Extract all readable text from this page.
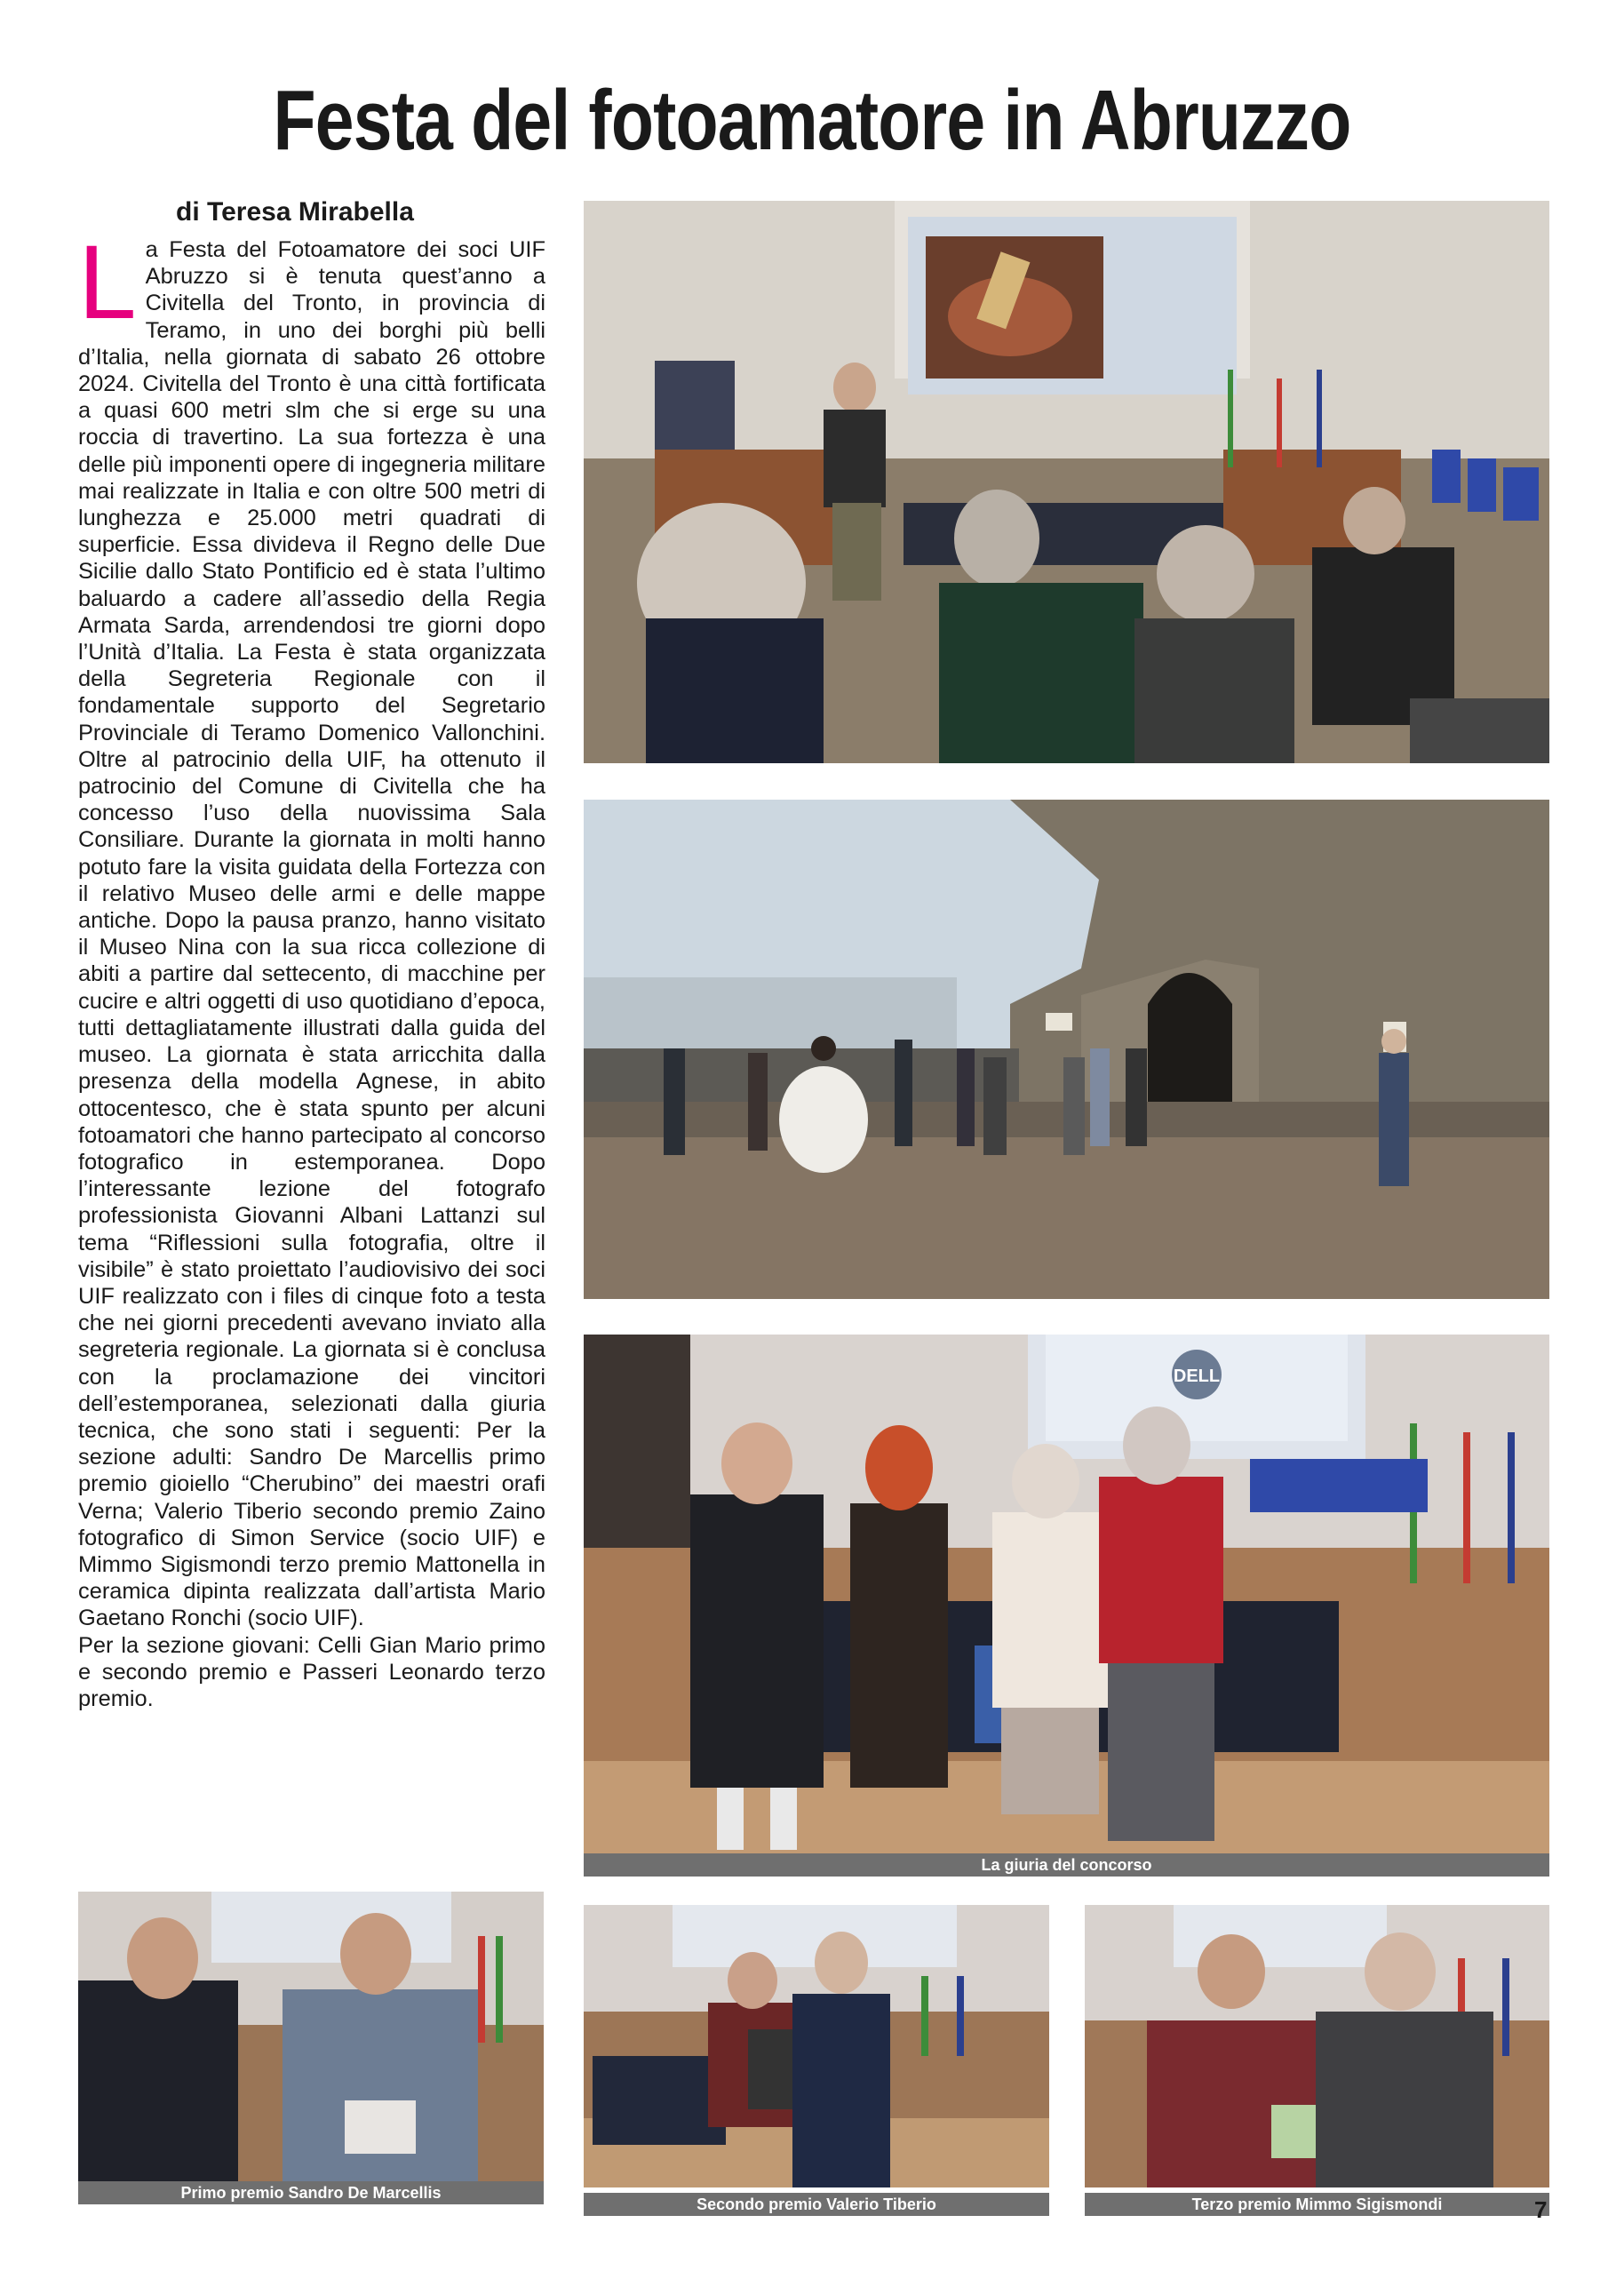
Festa del fotoamatore in Abruzzo
di Teresa Mirabella
L a Festa del Fotoamatore dei soci UIF Abruzzo si è tenuta quest’anno a Civitella del Tronto, in provincia di Teramo, in uno dei borghi più belli d’Italia, nella giornata di sabato 26 ottobre 2024. Civitella del Tronto è una città fortificata a quasi 600 metri slm che si erge su una roccia di travertino. La sua fortezza è una delle più imponenti opere di ingegneria militare mai realizzate in Italia e con oltre 500 metri di lunghezza e 25.000 metri quadrati di superficie. Essa divideva il Regno delle Due Sicilie dallo Stato Pontificio ed è stata l’ultimo baluardo a cadere all’assedio della Regia Armata Sarda, arrendendosi tre giorni dopo l’Unità d’Italia. La Festa è stata organizzata della Segreteria Regionale con il fondamentale supporto del Segretario Provinciale di Teramo Domenico Vallonchini. Oltre al patrocinio della UIF, ha ottenuto il patrocinio del Comune di Civitella che ha concesso l’uso della nuovissima Sala Consiliare. Durante la giornata in molti hanno potuto fare la visita guidata della Fortezza con il relativo Museo delle armi e delle mappe antiche. Dopo la pausa pranzo, hanno visitato il Museo Nina con la sua ricca collezione di abiti a partire dal settecento, di macchine per cucire e altri oggetti di uso quotidiano d’epoca, tutti dettagliatamente illustrati dalla guida del museo. La giornata è stata arricchita dalla presenza della modella Agnese, in abito ottocentesco, che è stata spunto per alcuni fotoamatori che hanno partecipato al concorso fotografico in estemporanea. Dopo l’interessante lezione del fotografo professionista Giovanni Albani Lattanzi sul tema “Riflessioni sulla fotografia, oltre il visibile” è stato proiettato l’audiovisivo dei soci UIF realizzato con i files di cinque foto a testa che nei giorni precedenti avevano inviato alla segreteria regionale. La giornata si è conclusa con la proclamazione dei vincitori dell’estemporanea, selezionati dalla giuria tecnica, che sono stati i seguenti: Per la sezione adulti: Sandro De Marcellis primo premio gioiello “Cherubino” dei maestri orafi Verna; Valerio Tiberio secondo premio Zaino fotografico di Simon Service (socio UIF) e Mimmo Sigismondi terzo premio Mattonella in ceramica dipinta realizzata dall’artista Mario Gaetano Ronchi (socio UIF).

Per la sezione giovani: Celli Gian Mario primo e secondo premio e Passeri Leonardo terzo premio.

DELL
La giuria del concorso
Primo premio Sandro De Marcellis
Secondo premio Valerio Tiberio	Terzo premio Mimmo Sigismondi	7
